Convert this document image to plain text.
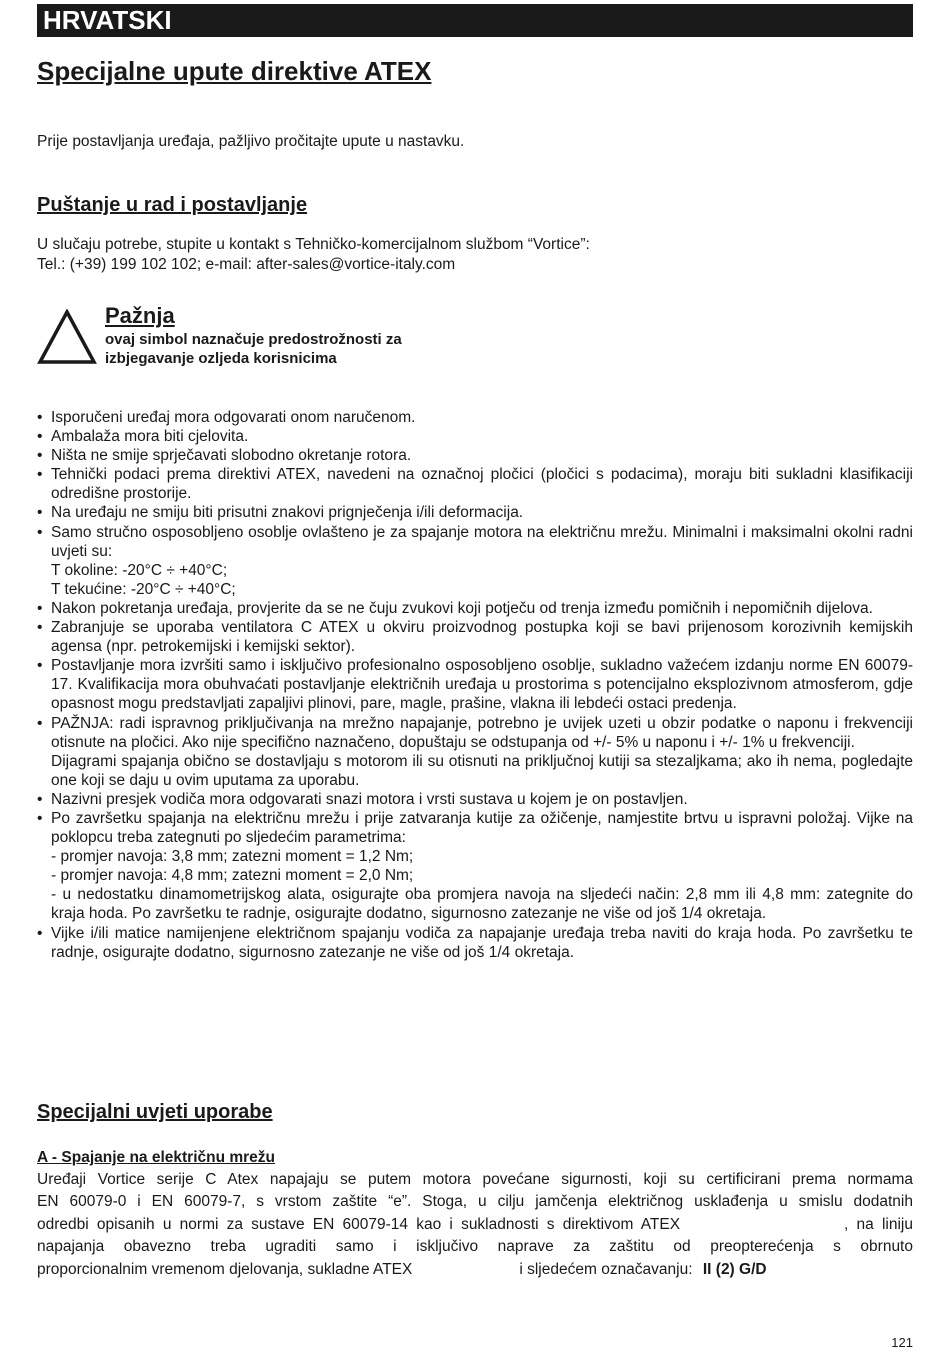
HRVATSKI
Specijalne upute direktive ATEX

Prije postavljanja uređaja, pažljivo pročitajte upute u nastavku.

Puštanje u rad i postavljanje
U slučaju potrebe, stupite u kontakt s Tehničko-komercijalnom službom “Vortice”:
Tel.: (+39) 199 102 102; e-mail: after-sales@vortice-italy.com
Pažnja
ovaj simbol naznačuje predostrožnosti za
izbjegavanje ozljeda korisnicima
• Isporučeni uređaj mora odgovarati onom naručenom.
• Ambalaža mora biti cjelovita.
• Ništa ne smije sprječavati slobodno okretanje rotora.
• Tehnički podaci prema direktivi ATEX, navedeni na označnoj pločici (pločici s podacima), moraju biti sukladni klasifikaciji odredišne prostorije.
• Na uređaju ne smiju biti prisutni znakovi prignječenja i/ili deformacija.
• Samo stručno osposobljeno osoblje ovlašteno je za spajanje motora na električnu mrežu. Minimalni i maksimalni okolni radni uvjeti su:
T okoline: -20°C ÷ +40°C;
T tekućine: -20°C ÷ +40°C;
• Nakon pokretanja uređaja, provjerite da se ne čuju zvukovi koji potječu od trenja između pomičnih i nepomičnih dijelova.
• Zabranjuje se uporaba ventilatora C ATEX u okviru proizvodnog postupka koji se bavi prijenosom korozivnih kemijskih agensa (npr. petrokemijski i kemijski sektor).
• Postavljanje mora izvršiti samo i isključivo profesionalno osposobljeno osoblje, sukladno važećem izdanju norme EN 60079-17. Kvalifikacija mora obuhvaćati postavljanje električnih uređaja u prostorima s potencijalno eksplozivnom atmosferom, gdje opasnost mogu predstavljati zapaljivi plinovi, pare, magle, prašine, vlakna ili lebdeći ostaci predenja.
• PAŽNJA: radi ispravnog priključivanja na mrežno napajanje, potrebno je uvijek uzeti u obzir podatke o naponu i frekvenciji otisnute na pločici. Ako nije specifično naznačeno, dopuštaju se odstupanja od +/- 5% u naponu i +/- 1% u frekvenciji.
Dijagrami spajanja obično se dostavljaju s motorom ili su otisnuti na priključnoj kutiji sa stezaljkama; ako ih nema, pogledajte one koji se daju u ovim uputama za uporabu.
• Nazivni presjek vodiča mora odgovarati snazi motora i vrsti sustava u kojem je on postavljen.
• Po završetku spajanja na električnu mrežu i prije zatvaranja kutije za ožičenje, namjestite brtvu u ispravni položaj. Vijke na poklopcu treba zategnuti po sljedećim parametrima:
- promjer navoja: 3,8 mm; zatezni moment = 1,2 Nm;
- promjer navoja: 4,8 mm; zatezni moment = 2,0 Nm;
- u nedostatku dinamometrijskog alata, osigurajte oba promjera navoja na sljedeći način: 2,8 mm ili 4,8 mm: zategnite do kraja hoda. Po završetku te radnje, osigurajte dodatno, sigurnosno zatezanje ne više od još 1/4 okretaja.
• Vijke i/ili matice namijenjene električnom spajanju vodiča za napajanje uređaja treba naviti do kraja hoda. Po završetku te radnje, osigurajte dodatno, sigurnosno zatezanje ne više od još 1/4 okretaja.
Specijalni uvjeti uporabe
A - Spajanje na električnu mrežu
Uređaji Vortice serije C Atex napajaju se putem motora povećane sigurnosti, koji su certificirani prema normama
EN 60079-0 i EN 60079-7, s vrstom zaštite “e”. Stoga, u cilju jamčenja električnog usklađenja u smislu dodatnih
odredbi opisanih u normi za sustave EN 60079-14 kao i sukladnosti s direktivom ATEX                    , na liniju
napajanja obavezno treba ugraditi samo i isključivo naprave za zaštitu od preopterećenja s obrnuto
proporcionalnim vremenom djelovanja, sukladne ATEX	i sljedećem označavanju: II (2) G/D
121
